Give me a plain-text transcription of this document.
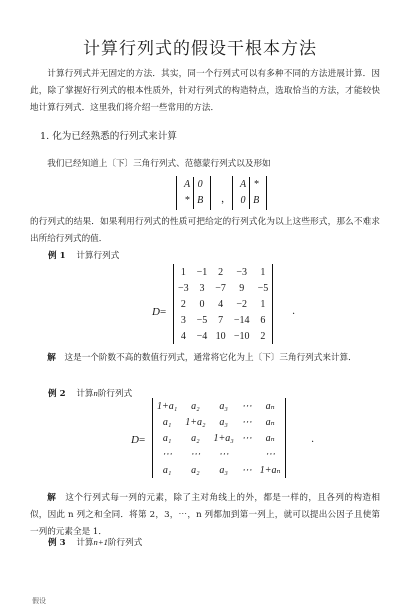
计算行列式的假设干根本方法
计算行列式并无固定的方法．其实，同一个行列式可以有多种不同的方法进展计算．因此，除了掌握好行列式的根本性质外，针对行列式的构造特点，选取恰当的方法，才能较快地计算行列式．这里我们将介绍一些常用的方法．
1. 化为已经熟悉的行列式来计算
我们已经知道上〔下〕三角行列式、范德蒙行列式以及形如
A	0
*	B ，
A	*
0	B
的行列式的结果．如果利用行列式的性质可把给定的行列式化为以上这些形式，那么不难求出所给行列式的值．
例 1 计算行列式
D=
1	−1	2	−3	1
−3	3	−7	9	−5
2	0	4	−2	1
3	−5	7	−14	6
4	−4	10	−10	2
.
解 这是一个阶数不高的数值行列式，通常将它化为上〔下〕三角行列式来计算．
例 2 计算n阶行列式
D=
1+a₁	a₂	a₃	⋯	aₙ
a₁	1+a₂	a₃	⋯	aₙ
a₁	a₂	1+a₃	⋯	aₙ
⋯	⋯	⋯		⋯
a₁	a₂	a₃	⋯	1+aₙ
.
解 这个行列式每一列的元素，除了主对角线上的外，都是一样的，且各列的构造相似，因此 n 列之和全同．将第 2，3，⋯，n 列都加到第一列上，就可以提出公因子且使第一列的元素全是 1．
例 3 计算n+1阶行列式
假设
